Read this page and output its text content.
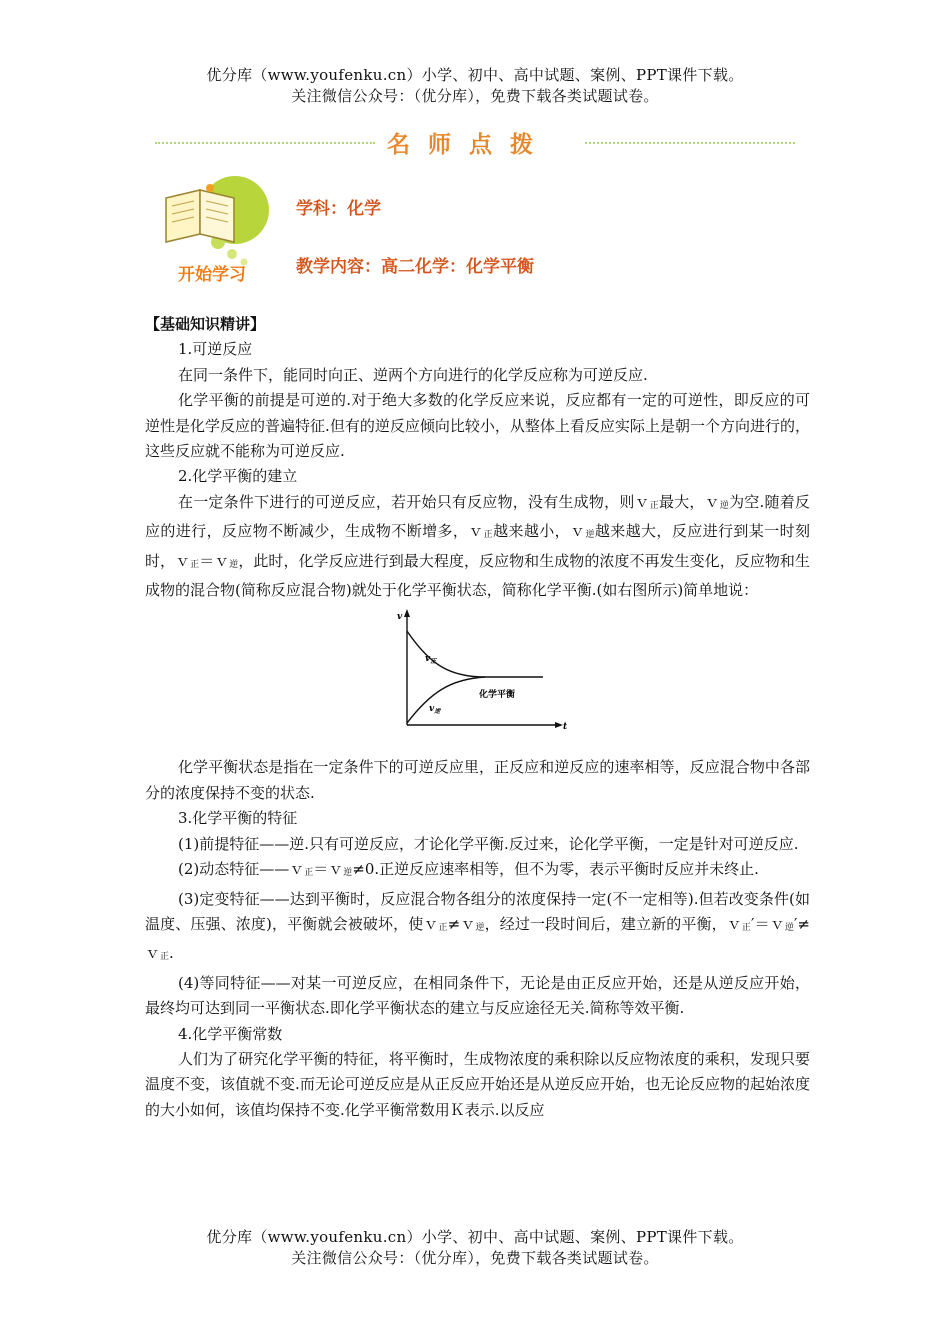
优分库（www.youfenku.cn）小学、初中、高中试题、案例、PPT课件下载。
关注微信公众号：（优分库），免费下载各类试题试卷。
名师点拨
开始学习
学科：化学
教学内容：高二化学：化学平衡

【基础知识精讲】

1.可逆反应

在同一条件下，能同时向正、逆两个方向进行的化学反应称为可逆反应.

化学平衡的前提是可逆的.对于绝大多数的化学反应来说，反应都有一定的可逆性，即反应的可逆性是化学反应的普遍特征.但有的逆反应倾向比较小，从整体上看反应实际上是朝一个方向进行的，这些反应就不能称为可逆反应.

2.化学平衡的建立

在一定条件下进行的可逆反应，若开始只有反应物，没有生成物，则ｖ$_正$最大，ｖ$_逆$为空.随着反应的进行，反应物不断减少，生成物不断增多，ｖ$_正$越来越小，ｖ$_逆$越来越大，反应进行到某一时刻时，ｖ$_正$＝ｖ$_逆$，此时，化学反应进行到最大程度，反应物和生成物的浓度不再发生变化，反应物和生成物的混合物(简称反应混合物)就处于化学平衡状态，简称化学平衡.(如右图所示)简单地说：

v
t
$v_正$
$v_逆$
化学平衡

化学平衡状态是指在一定条件下的可逆反应里，正反应和逆反应的速率相等，反应混合物中各部分的浓度保持不变的状态.

3.化学平衡的特征

(1)前提特征——逆.只有可逆反应，才论化学平衡.反过来，论化学平衡，一定是针对可逆反应.

(2)动态特征——ｖ$_正$＝ｖ$_逆$≠0.正逆反应速率相等，但不为零，表示平衡时反应并未终止.

(3)定变特征——达到平衡时，反应混合物各组分的浓度保持一定(不一定相等).但若改变条件(如温度、压强、浓度)，平衡就会被破坏，使ｖ$_正$≠ｖ$_逆$，经过一段时间后，建立新的平衡，ｖ$_正$′＝ｖ$_逆$′≠ｖ$_正$.

(4)等同特征——对某一可逆反应，在相同条件下，无论是由正反应开始，还是从逆反应开始，最终均可达到同一平衡状态.即化学平衡状态的建立与反应途径无关.简称等效平衡.

4.化学平衡常数

人们为了研究化学平衡的特征，将平衡时，生成物浓度的乘积除以反应物浓度的乘积，发现只要温度不变，该值就不变.而无论可逆反应是从正反应开始还是从逆反应开始，也无论反应物的起始浓度的大小如何，该值均保持不变.化学平衡常数用Ｋ表示.以反应

优分库（www.youfenku.cn）小学、初中、高中试题、案例、PPT课件下载。
关注微信公众号：（优分库），免费下载各类试题试卷。
